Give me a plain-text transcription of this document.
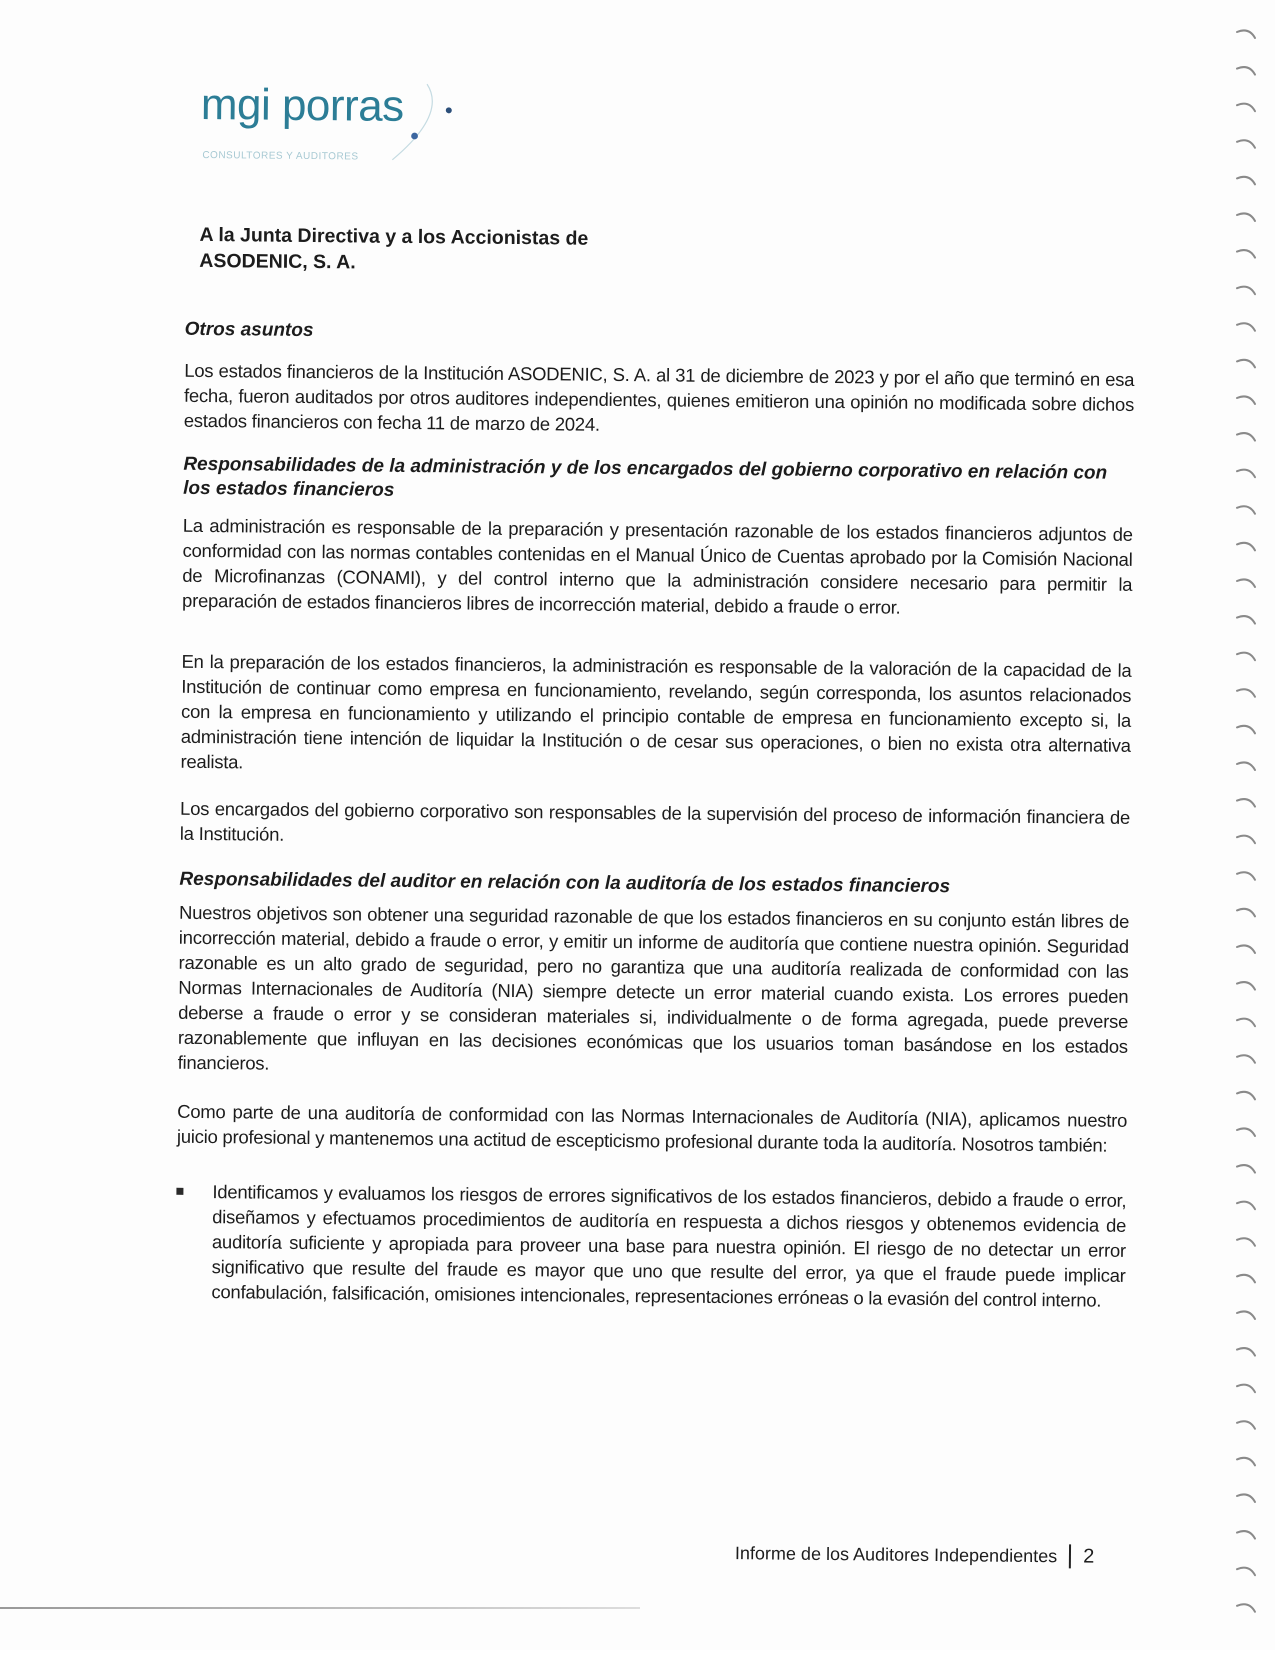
mgi porras
CONSULTORES Y AUDITORES
A la Junta Directiva y a los Accionistas de
ASODENIC, S. A.
Otros asuntos

Los estados financieros de la Institución ASODENIC, S. A. al 31 de diciembre de 2023 y por el año que terminó en esa fecha, fueron auditados por otros auditores independientes, quienes emitieron una opinión no modificada sobre dichos estados financieros con fecha 11 de marzo de 2024.

Responsabilidades de la administración y de los encargados del gobierno corporativo en relación con los estados financieros

La administración es responsable de la preparación y presentación razonable de los estados financieros adjuntos de conformidad con las normas contables contenidas en el Manual Único de Cuentas aprobado por la Comisión Nacional de Microfinanzas (CONAMI), y del control interno que la administración considere necesario para permitir la preparación de estados financieros libres de incorrección material, debido a fraude o error.

En la preparación de los estados financieros, la administración es responsable de la valoración de la capacidad de la Institución de continuar como empresa en funcionamiento, revelando, según corresponda, los asuntos relacionados con la empresa en funcionamiento y utilizando el principio contable de empresa en funcionamiento excepto si, la administración tiene intención de liquidar la Institución o de cesar sus operaciones, o bien no exista otra alternativa realista.

Los encargados del gobierno corporativo son responsables de la supervisión del proceso de información financiera de la Institución.

Responsabilidades del auditor en relación con la auditoría de los estados financieros

Nuestros objetivos son obtener una seguridad razonable de que los estados financieros en su conjunto están libres de incorrección material, debido a fraude o error, y emitir un informe de auditoría que contiene nuestra opinión. Seguridad razonable es un alto grado de seguridad, pero no garantiza que una auditoría realizada de conformidad con las Normas Internacionales de Auditoría (NIA) siempre detecte un error material cuando exista. Los errores pueden deberse a fraude o error y se consideran materiales si, individualmente o de forma agregada, puede preverse razonablemente que influyan en las decisiones económicas que los usuarios toman basándose en los estados financieros.

Como parte de una auditoría de conformidad con las Normas Internacionales de Auditoría (NIA), aplicamos nuestro juicio profesional y mantenemos una actitud de escepticismo profesional durante toda la auditoría. Nosotros también:

Identificamos y evaluamos los riesgos de errores significativos de los estados financieros, debido a fraude o error, diseñamos y efectuamos procedimientos de auditoría en respuesta a dichos riesgos y obtenemos evidencia de auditoría suficiente y apropiada para proveer una base para nuestra opinión. El riesgo de no detectar un error significativo que resulte del fraude es mayor que uno que resulte del error, ya que el fraude puede implicar confabulación, falsificación, omisiones intencionales, representaciones erróneas o la evasión del control interno.
Informe de los Auditores Independientes 2
